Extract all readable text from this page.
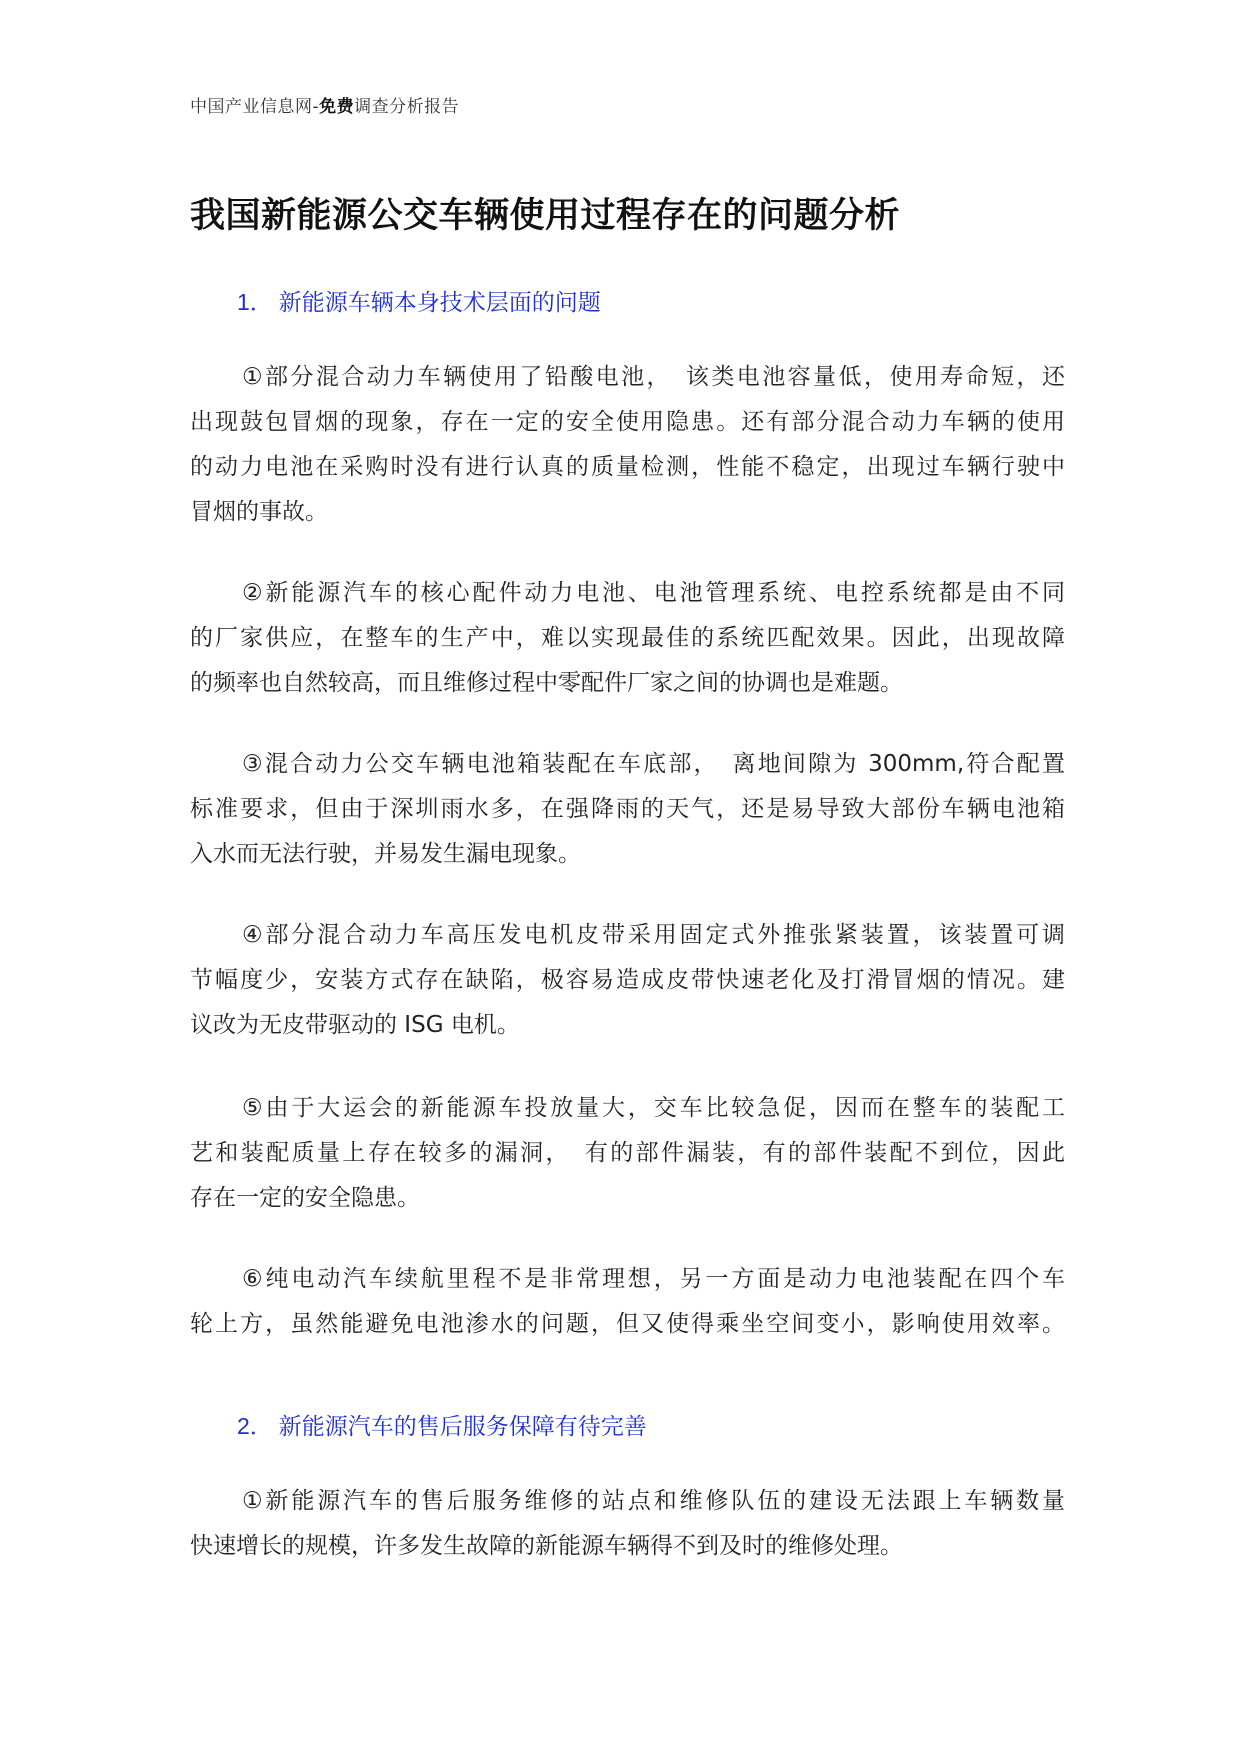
中国产业信息网-免费调查分析报告
我国新能源公交车辆使用过程存在的问题分析
1． 新能源车辆本身技术层面的问题
①部分混合动力车辆使用了铅酸电池，　该类电池容量低，使用寿命短，还
出现鼓包冒烟的现象，存在一定的安全使用隐患。还有部分混合动力车辆的使用
的动力电池在采购时没有进行认真的质量检测，性能不稳定，出现过车辆行驶中
冒烟的事故。
②新能源汽车的核心配件动力电池、电池管理系统、电控系统都是由不同
的厂家供应，在整车的生产中，难以实现最佳的系统匹配效果。因此，出现故障
的频率也自然较高，而且维修过程中零配件厂家之间的协调也是难题。
③混合动力公交车辆电池箱装配在车底部，　离地间隙为 300mm,符合配置
标准要求，但由于深圳雨水多，在强降雨的天气，还是易导致大部份车辆电池箱
入水而无法行驶，并易发生漏电现象。
④部分混合动力车高压发电机皮带采用固定式外推张紧装置，该装置可调
节幅度少，安装方式存在缺陷，极容易造成皮带快速老化及打滑冒烟的情况。建
议改为无皮带驱动的 ISG 电机。
⑤由于大运会的新能源车投放量大，交车比较急促，因而在整车的装配工
艺和装配质量上存在较多的漏洞，　有的部件漏装，有的部件装配不到位，因此
存在一定的安全隐患。
⑥纯电动汽车续航里程不是非常理想，另一方面是动力电池装配在四个车
轮上方，虽然能避免电池渗水的问题，但又使得乘坐空间变小，影响使用效率。
2． 新能源汽车的售后服务保障有待完善
①新能源汽车的售后服务维修的站点和维修队伍的建设无法跟上车辆数量
快速增长的规模，许多发生故障的新能源车辆得不到及时的维修处理。
